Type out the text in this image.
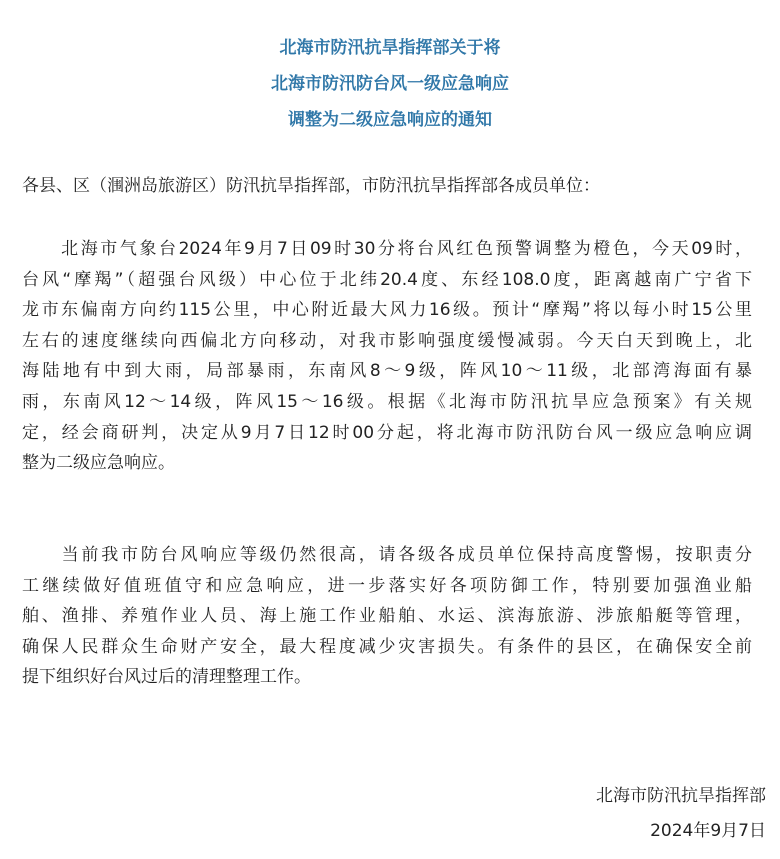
北海市防汛抗旱指挥部关于将
北海市防汛防台风一级应急响应
调整为二级应急响应的通知
各县、区（涠洲岛旅游区）防汛抗旱指挥部，市防汛抗旱指挥部各成员单位：
　　北海市气象台2024年9月7日09时30分将台风红色预警调整为橙色，今天09时，
台风“摩羯”（超强台风级）中心位于北纬20.4度、东经108.0度，距离越南广宁省下
龙市东偏南方向约115公里，中心附近最大风力16级。预计“摩羯”将以每小时15公里
左右的速度继续向西偏北方向移动，对我市影响强度缓慢减弱。今天白天到晚上，北
海陆地有中到大雨，局部暴雨，东南风8～9级，阵风10～11级，北部湾海面有暴
雨，东南风12～14级，阵风15～16级。根据《北海市防汛抗旱应急预案》有关规
定，经会商研判，决定从9月7日12时00分起，将北海市防汛防台风一级应急响应调
整为二级应急响应。
　　当前我市防台风响应等级仍然很高，请各级各成员单位保持高度警惕，按职责分
工继续做好值班值守和应急响应，进一步落实好各项防御工作，特别要加强渔业船
舶、渔排、养殖作业人员、海上施工作业船舶、水运、滨海旅游、涉旅船艇等管理，
确保人民群众生命财产安全，最大程度减少灾害损失。有条件的县区，在确保安全前
提下组织好台风过后的清理整理工作。
北海市防汛抗旱指挥部
2024年9月7日
